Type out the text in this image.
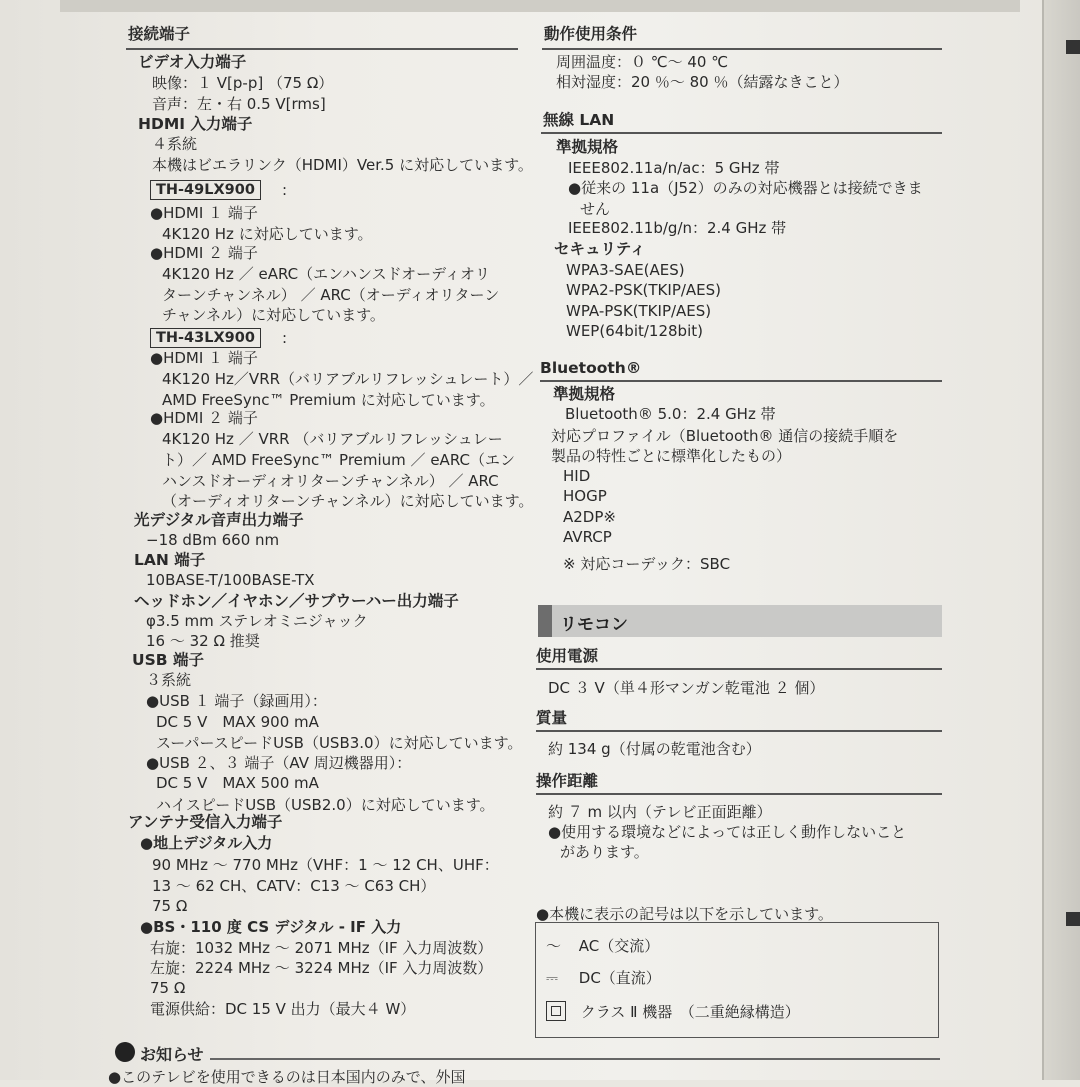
接続端子
ビデオ入力端子
映像：１ V[p-p] （75 Ω）
音声：左・右 0.5 V[rms]
HDMI 入力端子
４系統
本機はビエラリンク（HDMI）Ver.5 に対応しています。
TH-49LX900	:
●HDMI １ 端子
4K120 Hz に対応しています。
●HDMI ２ 端子
4K120 Hz ／ eARC（エンハンスドオーディオリ
ターンチャンネル） ／ ARC（オーディオリターン
チャンネル）に対応しています。
TH-43LX900	:
●HDMI １ 端子
4K120 Hz／VRR（バリアブルリフレッシュレート）／
AMD FreeSync™ Premium に対応しています。
●HDMI ２ 端子
4K120 Hz ／ VRR （バリアブルリフレッシュレー
ト）／ AMD FreeSync™ Premium ／ eARC（エン
ハンスドオーディオリターンチャンネル） ／ ARC
（オーディオリターンチャンネル）に対応しています。
光デジタル音声出力端子
−18 dBm 660 nm
LAN 端子
10BASE-T/100BASE-TX
ヘッドホン／イヤホン／サブウーハー出力端子
φ3.5 mm ステレオミニジャック
16 ～ 32 Ω 推奨
USB 端子
３系統
●USB １ 端子（録画用）：
DC 5 V　MAX 900 mA
スーパースピードUSB（USB3.0）に対応しています。
●USB ２、３ 端子（AV 周辺機器用）：
DC 5 V　MAX 500 mA
ハイスピードUSB（USB2.0）に対応しています。
アンテナ受信入力端子
●地上デジタル入力
90 MHz ～ 770 MHz（VHF：1 ～ 12 CH、UHF：
13 ～ 62 CH、CATV：C13 ～ C63 CH）
75 Ω
●BS・110 度 CS デジタル - IF 入力
右旋：1032 MHz ～ 2071 MHz（IF 入力周波数）
左旋：2224 MHz ～ 3224 MHz（IF 入力周波数）
75 Ω
電源供給：DC 15 V 出力（最大４ W）
お知らせ
●このテレビを使用できるのは日本国内のみで、外国
動作使用条件
周囲温度：０ ℃～ 40 ℃
相対湿度：20 ％～ 80 ％（結露なきこと）
無線 LAN
準拠規格
IEEE802.11a/n/ac：5 GHz 帯
●従来の 11a（J52）のみの対応機器とは接続できま
せん
IEEE802.11b/g/n：2.4 GHz 帯
セキュリティ
WPA3-SAE(AES)
WPA2-PSK(TKIP/AES)
WPA-PSK(TKIP/AES)
WEP(64bit/128bit)
Bluetooth®
準拠規格
Bluetooth® 5.0：2.4 GHz 帯
対応プロファイル（Bluetooth® 通信の接続手順を
製品の特性ごとに標準化したもの）
HID
HOGP
A2DP※
AVRCP
※ 対応コーデック：SBC
リモコン
使用電源
DC ３ V（単４形マンガン乾電池 ２ 個）
質量
約 134 g（付属の乾電池含む）
操作距離
約 ７ m 以内（テレビ正面距離）
●使用する環境などによっては正しく動作しないこと
があります。
●本機に表示の記号は以下を示しています。
～ AC（交流）
⎓ DC（直流）
クラス Ⅱ 機器　（二重絶縁構造）
